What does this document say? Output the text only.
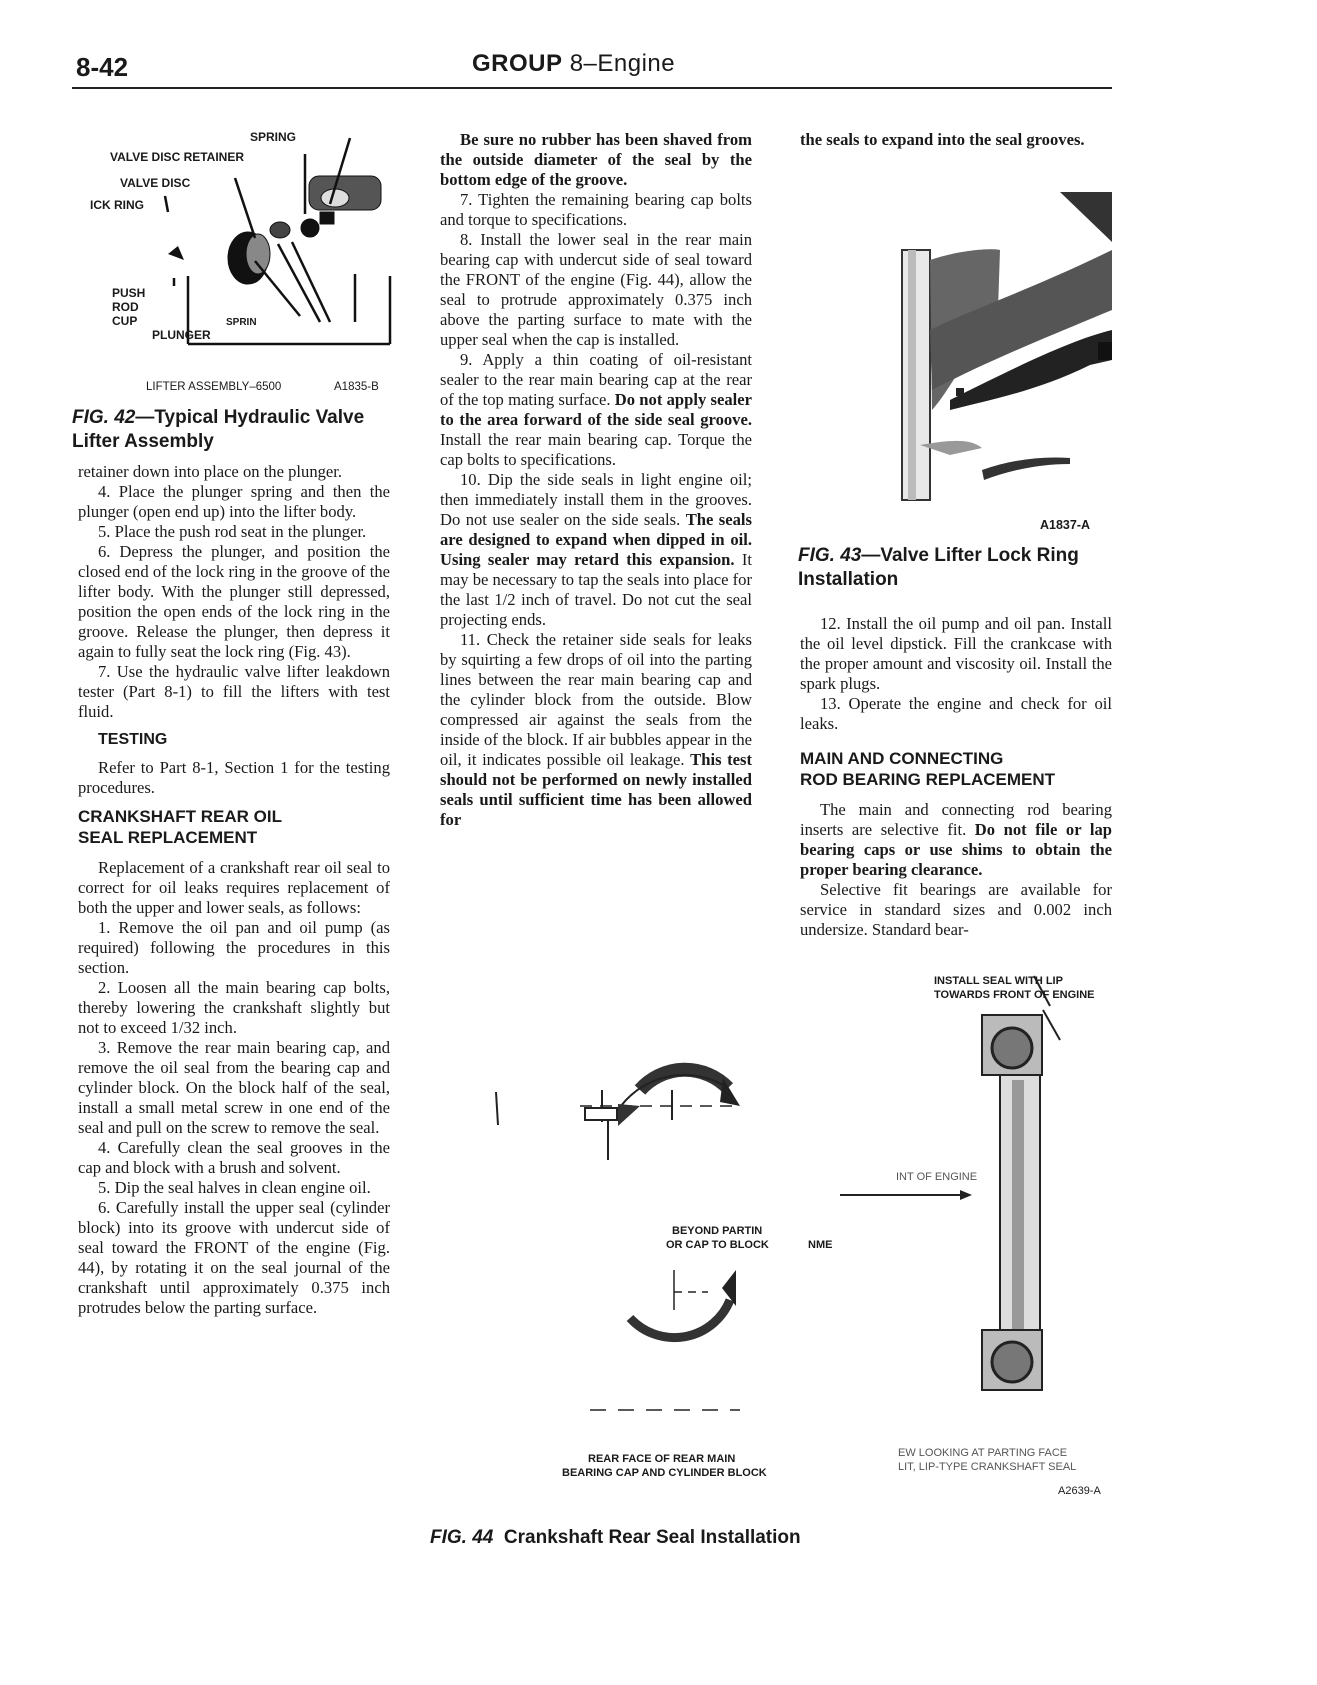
8-42	GROUP 8–Engine
SPRING
VALVE DISC RETAINER
VALVE DISC
ICK RING
PUSH
ROD
CUP
PLUNGER
SPRIN
LIFTER ASSEMBLY–6500	A1835-B
FIG. 42—Typical Hydraulic Valve Lifter Assembly

retainer down into place on the plunger.

4. Place the plunger spring and then the plunger (open end up) into the lifter body.

5. Place the push rod seat in the plunger.

6. Depress the plunger, and position the closed end of the lock ring in the groove of the lifter body. With the plunger still depressed, position the open ends of the lock ring in the groove. Release the plunger, then depress it again to fully seat the lock ring (Fig. 43).

7. Use the hydraulic valve lifter leakdown tester (Part 8-1) to fill the lifters with test fluid.

TESTING

Refer to Part 8-1, Section 1 for the testing procedures.

CRANKSHAFT REAR OIL
SEAL REPLACEMENT

Replacement of a crankshaft rear oil seal to correct for oil leaks requires replacement of both the upper and lower seals, as follows:

1. Remove the oil pan and oil pump (as required) following the procedures in this section.

2. Loosen all the main bearing cap bolts, thereby lowering the crankshaft slightly but not to exceed 1/32 inch.

3. Remove the rear main bearing cap, and remove the oil seal from the bearing cap and cylinder block. On the block half of the seal, install a small metal screw in one end of the seal and pull on the screw to remove the seal.

4. Carefully clean the seal grooves in the cap and block with a brush and solvent.

5. Dip the seal halves in clean engine oil.

6. Carefully install the upper seal (cylinder block) into its groove with undercut side of seal toward the FRONT of the engine (Fig. 44), by rotating it on the seal journal of the crankshaft until approximately 0.375 inch protrudes below the parting surface.

Be sure no rubber has been shaved from the outside diameter of the seal by the bottom edge of the groove.

7. Tighten the remaining bearing cap bolts and torque to specifications.

8. Install the lower seal in the rear main bearing cap with undercut side of seal toward the FRONT of the engine (Fig. 44), allow the seal to protrude approximately 0.375 inch above the parting surface to mate with the upper seal when the cap is installed.

9. Apply a thin coating of oil-resistant sealer to the rear main bearing cap at the rear of the top mating surface. Do not apply sealer to the area forward of the side seal groove. Install the rear main bearing cap. Torque the cap bolts to specifications.

10. Dip the side seals in light engine oil; then immediately install them in the grooves. Do not use sealer on the side seals. The seals are designed to expand when dipped in oil. Using sealer may retard this expansion. It may be necessary to tap the seals into place for the last 1/2 inch of travel. Do not cut the seal projecting ends.

11. Check the retainer side seals for leaks by squirting a few drops of oil into the parting lines between the rear main bearing cap and the cylinder block from the outside. Blow compressed air against the seals from the inside of the block. If air bubbles appear in the oil, it indicates possible oil leakage. This test should not be performed on newly installed seals until sufficient time has been allowed for

the seals to expand into the seal grooves.

A1837-A
FIG. 43—Valve Lifter Lock Ring Installation

12. Install the oil pump and oil pan. Install the oil level dipstick. Fill the crankcase with the proper amount and viscosity oil. Install the spark plugs.

13. Operate the engine and check for oil leaks.

MAIN AND CONNECTING
ROD BEARING REPLACEMENT

The main and connecting rod bearing inserts are selective fit. Do not file or lap bearing caps or use shims to obtain the proper bearing clearance.

Selective fit bearings are available for service in standard sizes and 0.002 inch undersize. Standard bear-

INSTALL SEAL WITH LIP
TOWARDS FRONT OF ENGINE
INT OF ENGINE
BEYOND PARTIN
OR CAP TO BLOCK	NME
REAR FACE OF REAR MAIN
BEARING CAP AND CYLINDER BLOCK
EW LOOKING AT PARTING FACE
LIT, LIP-TYPE CRANKSHAFT SEAL
A2639-A
FIG. 44 Crankshaft Rear Seal Installation
